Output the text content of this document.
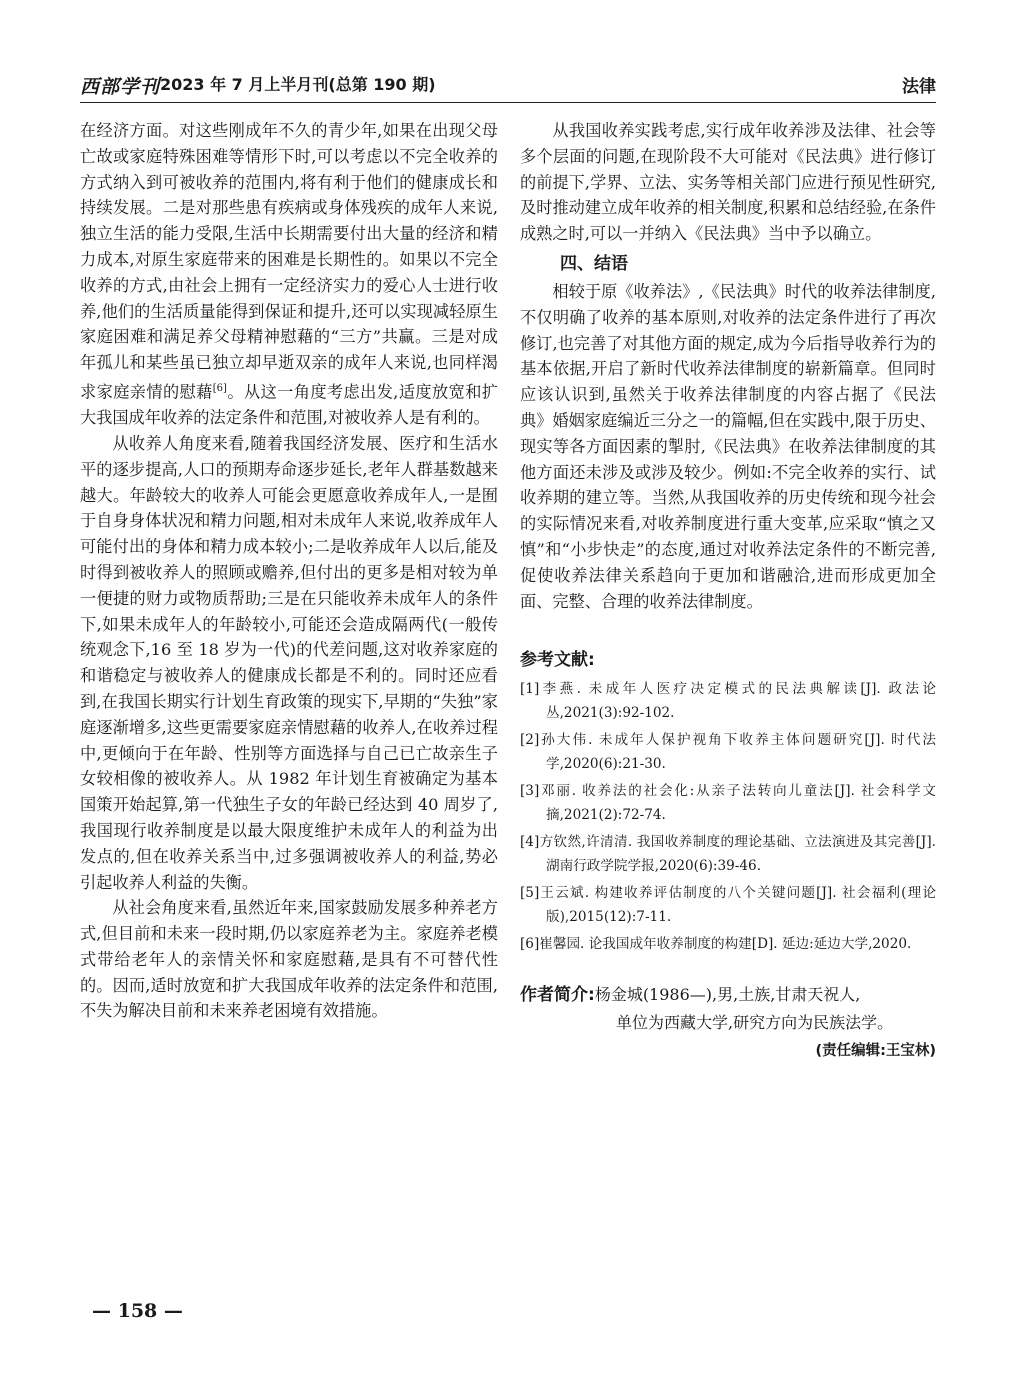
西部学刊 2023 年 7 月上半月刊(总第 190 期)	法律

在经济方面。对这些刚成年不久的青少年,如果在出现父母亡故或家庭特殊困难等情形下时,可以考虑以不完全收养的方式纳入到可被收养的范围内,将有利于他们的健康成长和持续发展。二是对那些患有疾病或身体残疾的成年人来说,独立生活的能力受限,生活中长期需要付出大量的经济和精力成本,对原生家庭带来的困难是长期性的。如果以不完全收养的方式,由社会上拥有一定经济实力的爱心人士进行收养,他们的生活质量能得到保证和提升,还可以实现减轻原生家庭困难和满足养父母精神慰藉的“三方”共赢。三是对成年孤儿和某些虽已独立却早逝双亲的成年人来说,也同样渴求家庭亲情的慰藉[6]。从这一角度考虑出发,适度放宽和扩大我国成年收养的法定条件和范围,对被收养人是有利的。

从收养人角度来看,随着我国经济发展、医疗和生活水平的逐步提高,人口的预期寿命逐步延长,老年人群基数越来越大。年龄较大的收养人可能会更愿意收养成年人,一是囿于自身身体状况和精力问题,相对未成年人来说,收养成年人可能付出的身体和精力成本较小;二是收养成年人以后,能及时得到被收养人的照顾或赡养,但付出的更多是相对较为单一便捷的财力或物质帮助;三是在只能收养未成年人的条件下,如果未成年人的年龄较小,可能还会造成隔两代(一般传统观念下,16 至 18 岁为一代)的代差问题,这对收养家庭的和谐稳定与被收养人的健康成长都是不利的。同时还应看到,在我国长期实行计划生育政策的现实下,早期的“失独”家庭逐渐增多,这些更需要家庭亲情慰藉的收养人,在收养过程中,更倾向于在年龄、性别等方面选择与自己已亡故亲生子女较相像的被收养人。从 1982 年计划生育被确定为基本国策开始起算,第一代独生子女的年龄已经达到 40 周岁了,我国现行收养制度是以最大限度维护未成年人的利益为出发点的,但在收养关系当中,过多强调被收养人的利益,势必引起收养人利益的失衡。

从社会角度来看,虽然近年来,国家鼓励发展多种养老方式,但目前和未来一段时期,仍以家庭养老为主。家庭养老模式带给老年人的亲情关怀和家庭慰藉,是具有不可替代性的。因而,适时放宽和扩大我国成年收养的法定条件和范围,不失为解决目前和未来养老困境有效措施。

从我国收养实践考虑,实行成年收养涉及法律、社会等多个层面的问题,在现阶段不大可能对《民法典》进行修订的前提下,学界、立法、实务等相关部门应进行预见性研究,及时推动建立成年收养的相关制度,积累和总结经验,在条件成熟之时,可以一并纳入《民法典》当中予以确立。

四、结语

相较于原《收养法》,《民法典》时代的收养法律制度,不仅明确了收养的基本原则,对收养的法定条件进行了再次修订,也完善了对其他方面的规定,成为今后指导收养行为的基本依据,开启了新时代收养法律制度的崭新篇章。但同时应该认识到,虽然关于收养法律制度的内容占据了《民法典》婚姻家庭编近三分之一的篇幅,但在实践中,限于历史、现实等各方面因素的掣肘,《民法典》在收养法律制度的其他方面还未涉及或涉及较少。例如:不完全收养的实行、试收养期的建立等。当然,从我国收养的历史传统和现今社会的实际情况来看,对收养制度进行重大变革,应采取“慎之又慎”和“小步快走”的态度,通过对收养法定条件的不断完善,促使收养法律关系趋向于更加和谐融洽,进而形成更加全面、完整、合理的收养法律制度。

参考文献:

[1]李燕. 未成年人医疗决定模式的民法典解读[J]. 政法论丛,2021(3):92-102.

[2]孙大伟. 未成年人保护视角下收养主体问题研究[J]. 时代法学,2020(6):21-30.

[3]邓丽. 收养法的社会化:从亲子法转向儿童法[J]. 社会科学文摘,2021(2):72-74.

[4]方钦然,许清清. 我国收养制度的理论基础、立法演进及其完善[J]. 湖南行政学院学报,2020(6):39-46.

[5]王云斌. 构建收养评估制度的八个关键问题[J]. 社会福利(理论版),2015(12):7-11.

[6]崔馨园. 论我国成年收养制度的构建[D]. 延边:延边大学,2020.

作者简介:杨金城(1986—),男,土族,甘肃天祝人,
单位为西藏大学,研究方向为民族法学。
(责任编辑:王宝林)
— 158 —
